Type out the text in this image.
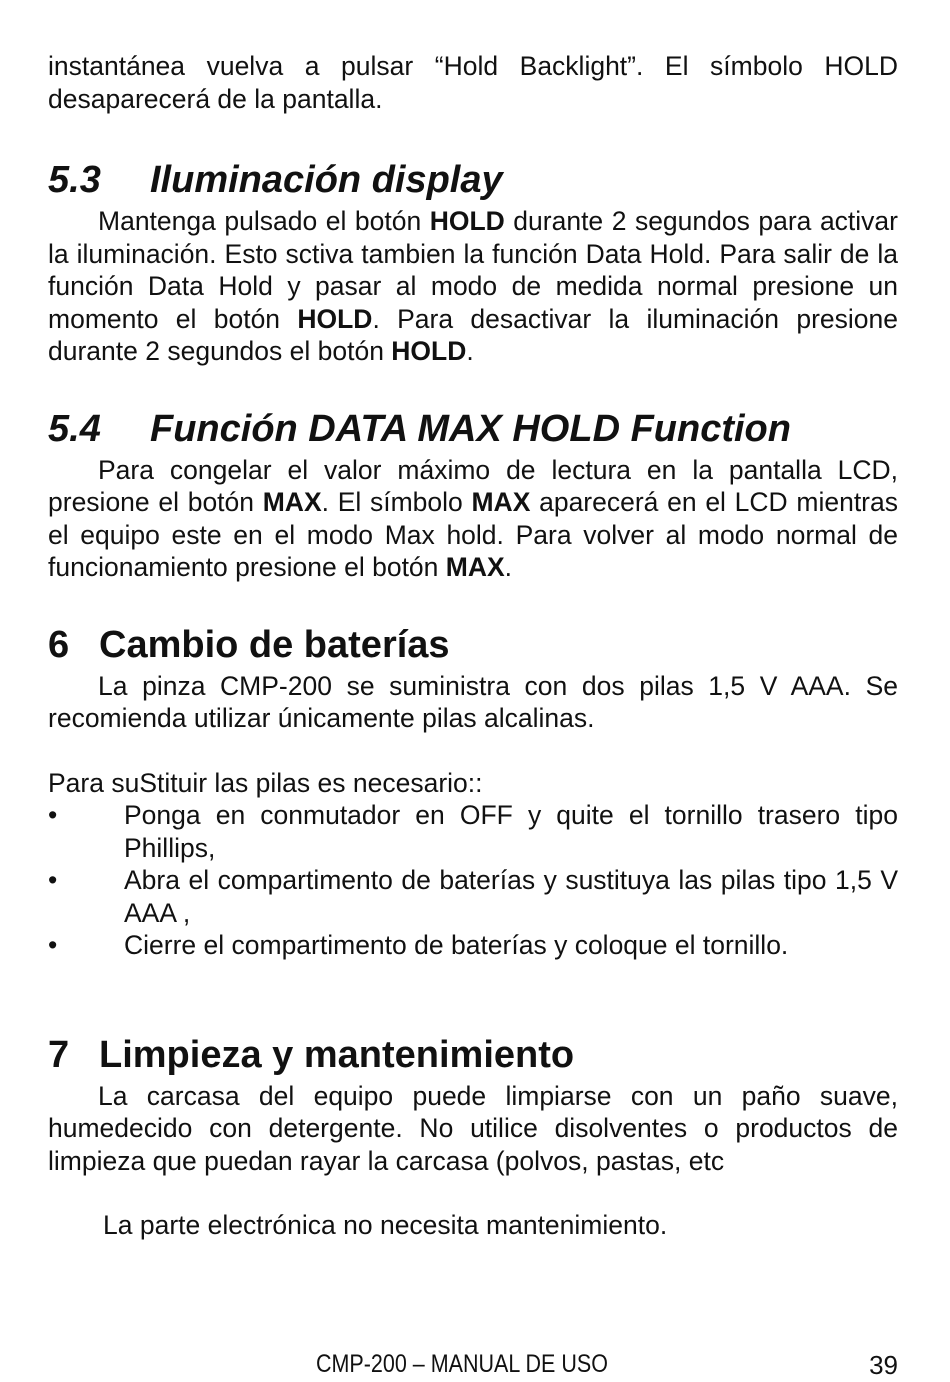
instantánea vuelva a pulsar “Hold Backlight”. El símbolo HOLD desaparecerá de la pantalla.

5.3 Iluminación display

Mantenga pulsado el botón HOLD durante 2 segundos para activar la iluminación. Esto sctiva tambien la función Data Hold. Para salir de la función Data Hold y pasar al modo de medida normal presione un momento el botón HOLD. Para desactivar la iluminación presione durante 2 segundos el botón HOLD.

5.4 Función DATA MAX HOLD Function

Para congelar el valor máximo de lectura en la pantalla LCD, presione el botón MAX. El símbolo MAX aparecerá en el LCD mientras el equipo este en el modo Max hold. Para volver al modo normal de funcionamiento presione el botón MAX.

6 Cambio de baterías

La pinza CMP-200 se suministra con dos pilas 1,5 V AAA. Se recomienda utilizar únicamente pilas alcalinas.

Para suStituir las pilas es necesario::

•	Ponga en conmutador en OFF y quite el tornillo trasero tipo Phillips,
•	Abra el compartimento de baterías y sustituya las pilas tipo 1,5 V AAA ,
•	Cierre el compartimento de baterías y coloque el tornillo.
7 Limpieza y mantenimiento

La carcasa del equipo puede limpiarse con un paño suave, humedecido con detergente. No utilice disolventes o productos de limpieza que puedan rayar la carcasa (polvos, pastas, etc

La parte electrónica no necesita mantenimiento.

CMP-200 – MANUAL DE USO	39
